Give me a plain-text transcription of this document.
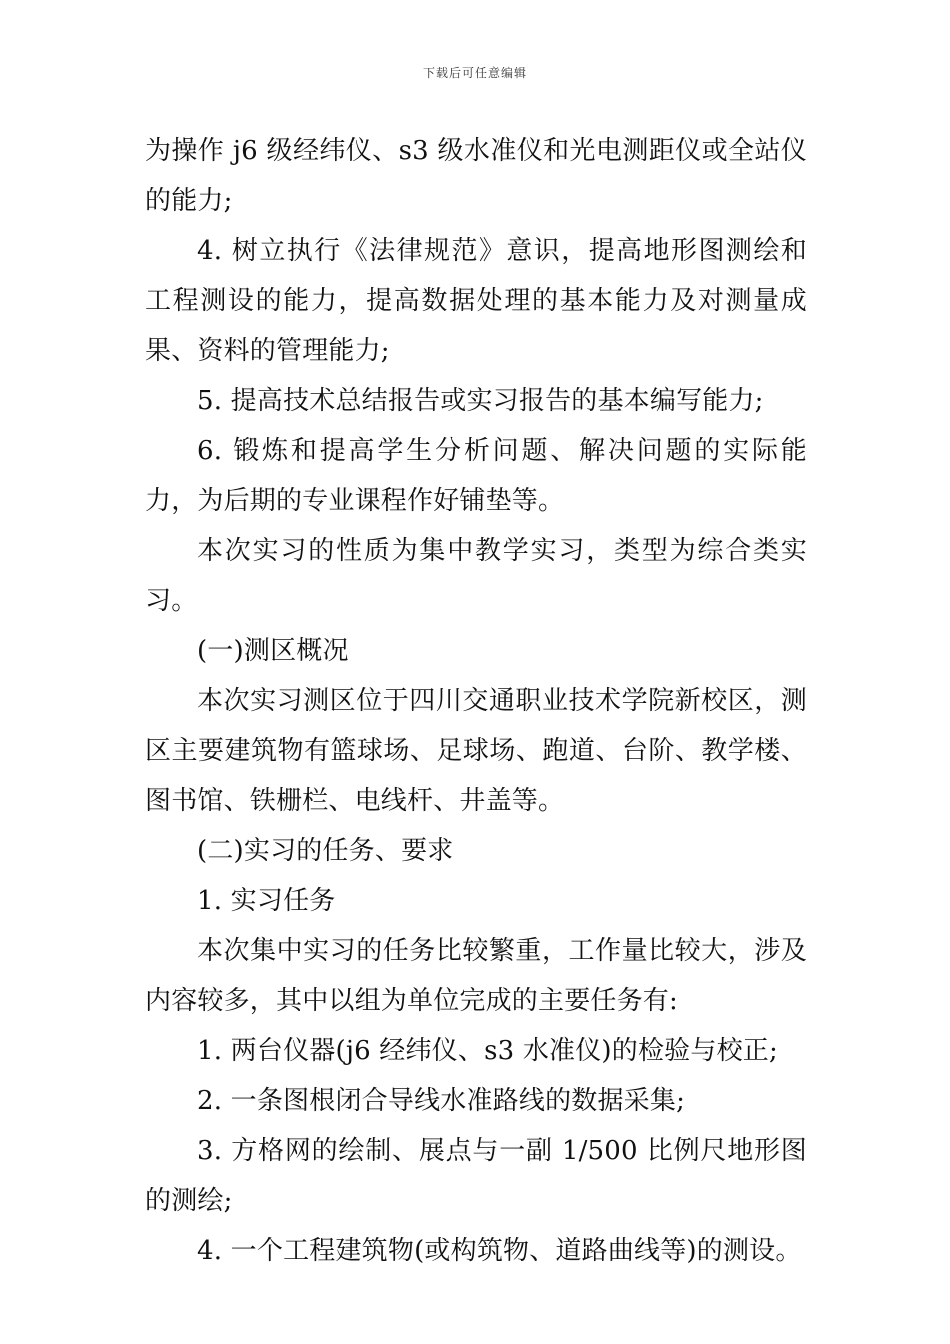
下载后可任意编辑

为操作 j6 级经纬仪、s3 级水准仪和光电测距仪或全站仪的能力;

4. 树立执行《法律规范》意识，提高地形图测绘和工程测设的能力，提高数据处理的基本能力及对测量成果、资料的管理能力;

5. 提高技术总结报告或实习报告的基本编写能力;

6. 锻炼和提高学生分析问题、解决问题的实际能力，为后期的专业课程作好铺垫等。

本次实习的性质为集中教学实习，类型为综合类实习。

(一)测区概况

本次实习测区位于四川交通职业技术学院新校区，测区主要建筑物有篮球场、足球场、跑道、台阶、教学楼、图书馆、铁栅栏、电线杆、井盖等。

(二)实习的任务、要求

1. 实习任务

本次集中实习的任务比较繁重，工作量比较大，涉及内容较多，其中以组为单位完成的主要任务有:

1. 两台仪器(j6 经纬仪、s3 水准仪)的检验与校正;

2. 一条图根闭合导线水准路线的数据采集;

3. 方格网的绘制、展点与一副 1/500 比例尺地形图的测绘;

4. 一个工程建筑物(或构筑物、道路曲线等)的测设。
